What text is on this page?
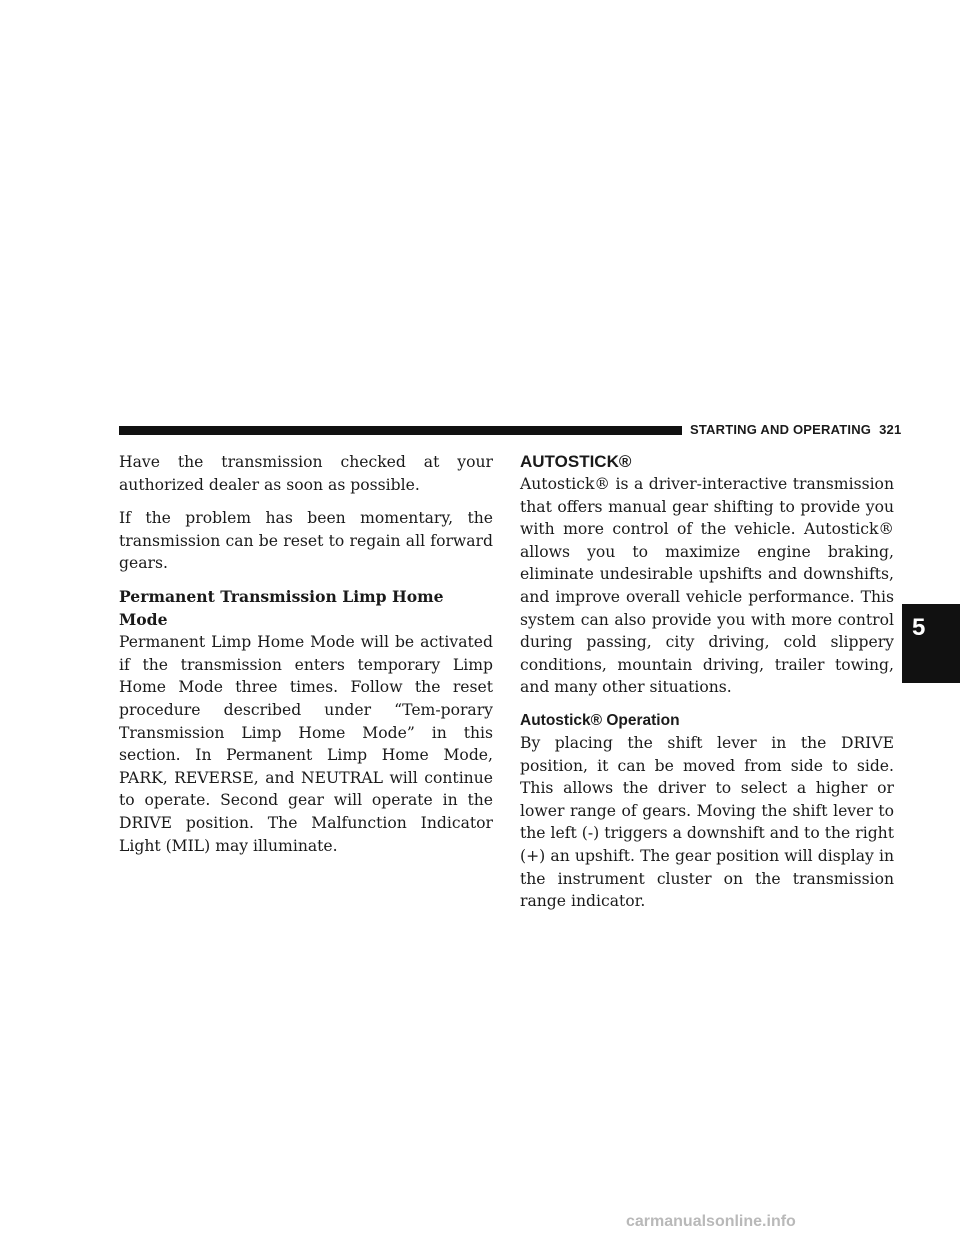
STARTING AND OPERATING 321

Have the transmission checked at your authorized dealer as soon as possible.

If the problem has been momentary, the transmission can be reset to regain all forward gears.

Permanent Transmission Limp Home Mode

Permanent Limp Home Mode will be activated if the transmission enters temporary Limp Home Mode three times. Follow the reset procedure described under “Tem-porary Transmission Limp Home Mode” in this section. In Permanent Limp Home Mode, PARK, REVERSE, and NEUTRAL will continue to operate. Second gear will operate in the DRIVE position. The Malfunction Indicator Light (MIL) may illuminate.

AUTOSTICK®

Autostick® is a driver-interactive transmission that offers manual gear shifting to provide you with more control of the vehicle. Autostick® allows you to maximize engine braking, eliminate undesirable upshifts and downshifts, and improve overall vehicle performance. This system can also provide you with more control during passing, city driving, cold slippery conditions, mountain driving, trailer towing, and many other situations.

Autostick® Operation

By placing the shift lever in the DRIVE position, it can be moved from side to side. This allows the driver to select a higher or lower range of gears. Moving the shift lever to the left (-) triggers a downshift and to the right (+) an upshift. The gear position will display in the instrument cluster on the transmission range indicator.

5
carmanualsonline.info
